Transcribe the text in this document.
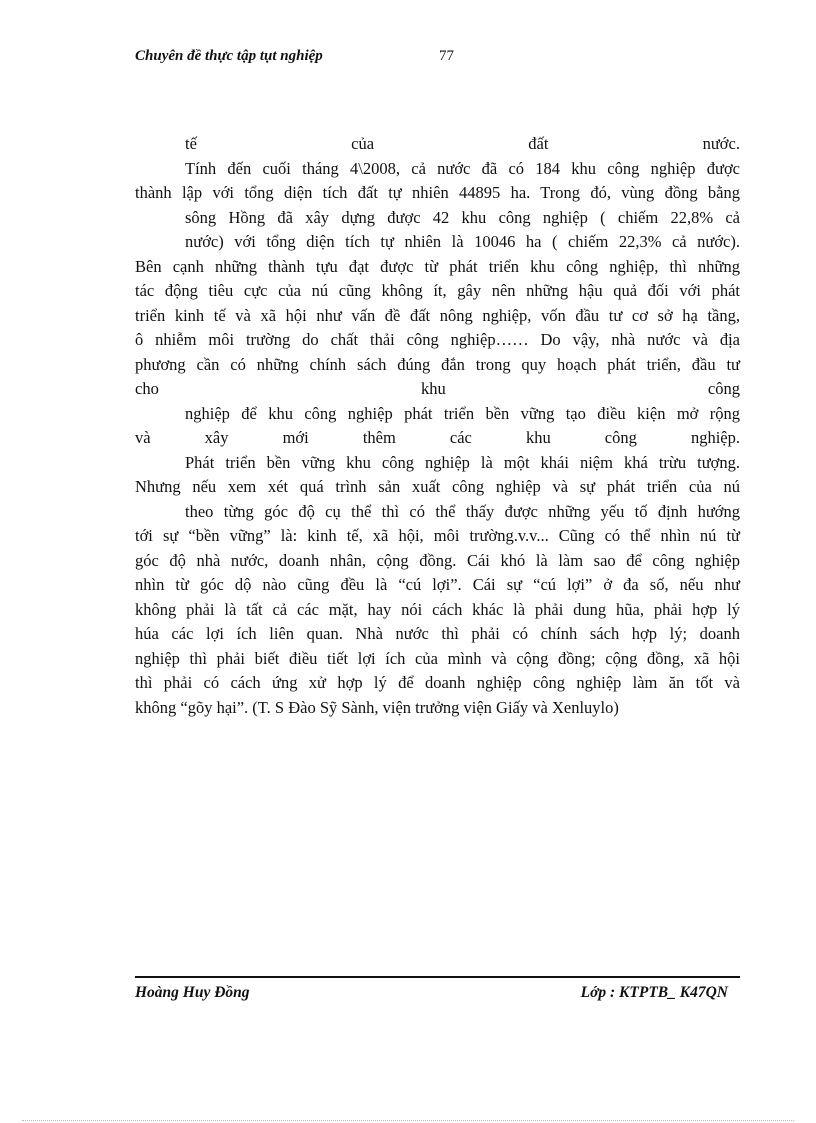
Chuyên đề thực tập tụt nghiệp	77
tế của đất nước.
Tính đến cuối tháng 4\2008, cả nước đã có 184 khu công nghiệp được
thành lập với tổng diện tích đất tự nhiên 44895 ha. Trong đó, vùng đồng bằng
sông Hồng đã xây dựng được 42 khu công nghiệp ( chiếm 22,8% cả
nước) với tổng diện tích tự nhiên là 10046 ha ( chiếm 22,3% cả nước).
Bên cạnh những thành tựu đạt được từ phát triển khu công nghiệp, thì những
tác động tiêu cực của nú cũng không ít, gây nên những hậu quả đối với phát
triển kinh tế và xã hội như vấn đề đất nông nghiệp, vốn đầu tư cơ sở hạ tầng,
ô nhiễm môi trường do chất thải công nghiệp…… Do vậy, nhà nước và địa
phương cần có những chính sách đúng đắn trong quy hoạch phát triển, đầu tư
cho khu công
nghiệp để khu công nghiệp phát triển bền vững tạo điều kiện mở rộng
và xây mới thêm các khu công nghiệp.
Phát triển bền vững khu công nghiệp là một khái niệm khá trừu tượng.
Nhưng nếu xem xét quá trình sản xuất công nghiệp và sự phát triển của nú
theo từng góc độ cụ thể thì có thể thấy được những yếu tố định hướng
tới sự “bền vững” là: kinh tế, xã hội, môi trường.v.v... Cũng có thể nhìn nú từ
góc độ nhà nước, doanh nhân, cộng đồng. Cái khó là làm sao để công nghiệp
nhìn từ góc dộ nào cũng đều là “cú lợi”. Cái sự “cú lợi” ở đa số, nếu như
không phải là tất cả các mặt, hay nói cách khác là phải dung hũa, phải hợp lý
húa các lợi ích liên quan. Nhà nước thì phải có chính sách hợp lý; doanh
nghiệp thì phải biết điều tiết lợi ích của mình và cộng đồng; cộng đồng, xã hội
thì phải có cách ứng xử hợp lý để doanh nghiệp công nghiệp làm ăn tốt và
không “gõy hại”. (T. S Đào Sỹ Sành, viện trưởng viện Giấy và Xenluylo)
Hoàng Huy Đồng	Lớp : KTPTB_ K47QN
